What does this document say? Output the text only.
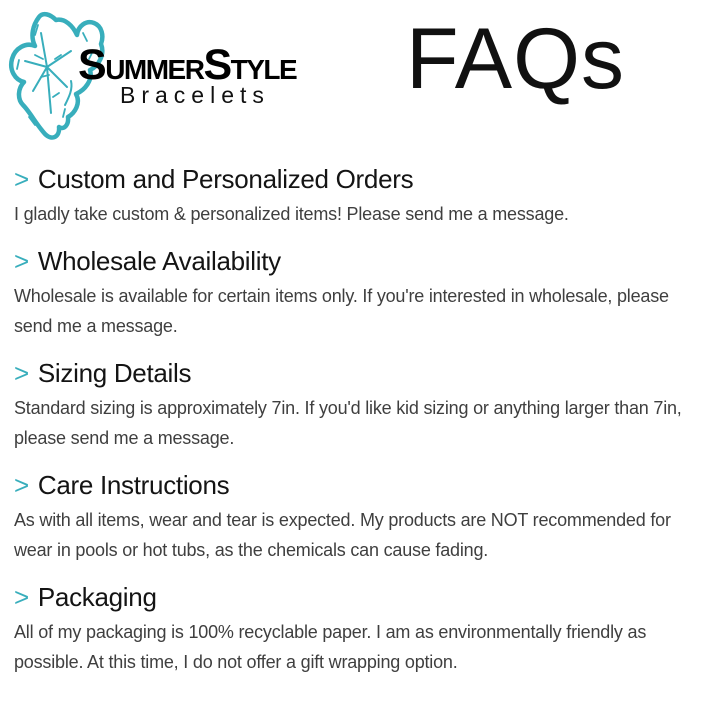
SUMMERSTYLE
Bracelets FAQs
> Custom and Personalized Orders

I gladly take custom & personalized items! Please send me a message.

> Wholesale Availability

Wholesale is available for certain items only. If you're interested in wholesale, please send me a message.

> Sizing Details

Standard sizing is approximately 7in. If you'd like kid sizing or anything larger than 7in, please send me a message.

> Care Instructions

As with all items, wear and tear is expected. My products are NOT recommended for wear in pools or hot tubs, as the chemicals can cause fading.

> Packaging

All of my packaging is 100% recyclable paper. I am as environmentally friendly as possible. At this time, I do not offer a gift wrapping option.
